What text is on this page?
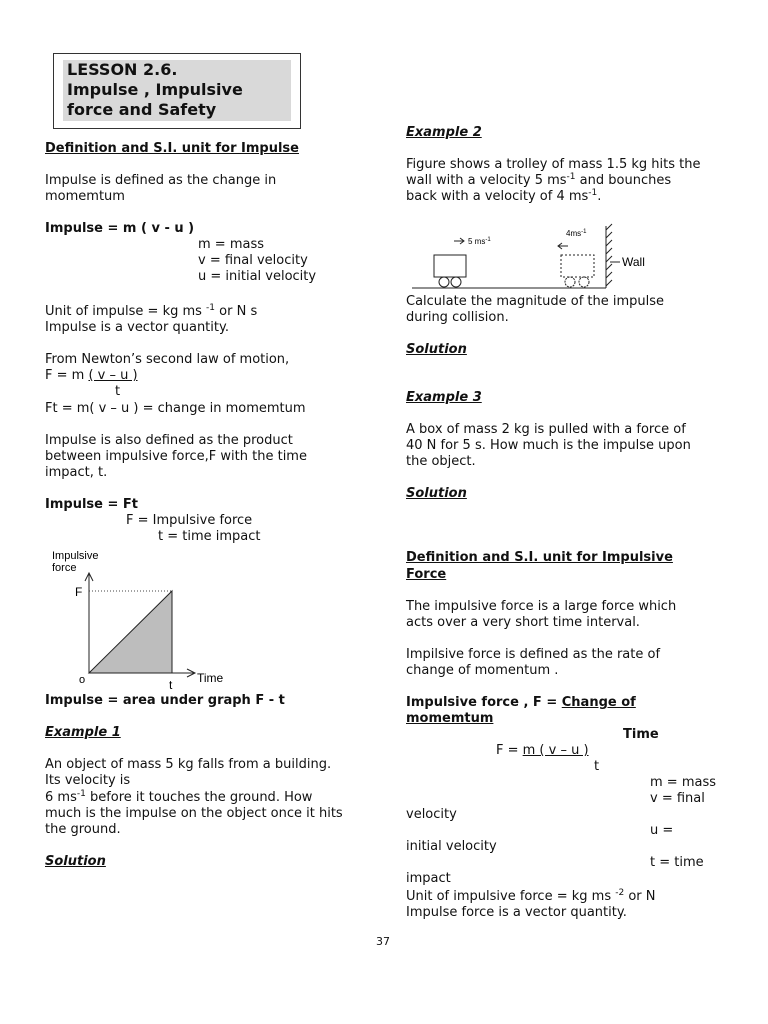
LESSON 2.6.
Impulse , Impulsive
force and Safety
Definition and S.I. unit for Impulse
Impulse is defined as the change in
momemtum
Impulse = m ( v - u )
m = mass
v = final velocity
u = initial velocity
Unit of impulse = kg ms $^{-1}$ or N s
Impulse is a vector quantity.
From Newton’s second law of motion,
F = m ( v – u )
t
Ft = m( v – u ) = change in momemtum
Impulse is also defined as the product
between impulsive force,F with the time
impact, t.
Impulse = Ft
F = Impulsive force
t = time impact
Impulsive
force
F
o	t Time
Impulse = area under graph F - t
Example 1
An object of mass 5 kg falls from a building.
Its velocity is
6 $ms^{-1}$ before it touches the ground. How
much is the impulse on the object once it hits
the ground.
Solution
Example 2
Figure shows a trolley of mass 1.5 kg hits the
wall with a velocity 5 $ms^{-1}$ and bounches
back with a velocity of 4 $ms^{-1}$.
5 $ms^{-1}$
$4ms^{-1}$
Wall
Calculate the magnitude of the impulse
during collision.
Solution
Example 3
A box of mass 2 kg is pulled with a force of
40 N for 5 s. How much is the impulse upon
the object.
Solution
Definition and S.I. unit for Impulsive
Force
The impulsive force is a large force which
acts over a very short time interval.
Impilsive force is defined as the rate of
change of momentum .
Impulsive force , F = Change of
momemtum
Time
F = m ( v – u )
t
m = mass
v = final
velocity
u =
initial velocity
t = time
impact
Unit of impulsive force = kg ms $^{-2}$ or N
Impulse force is a vector quantity.
37
